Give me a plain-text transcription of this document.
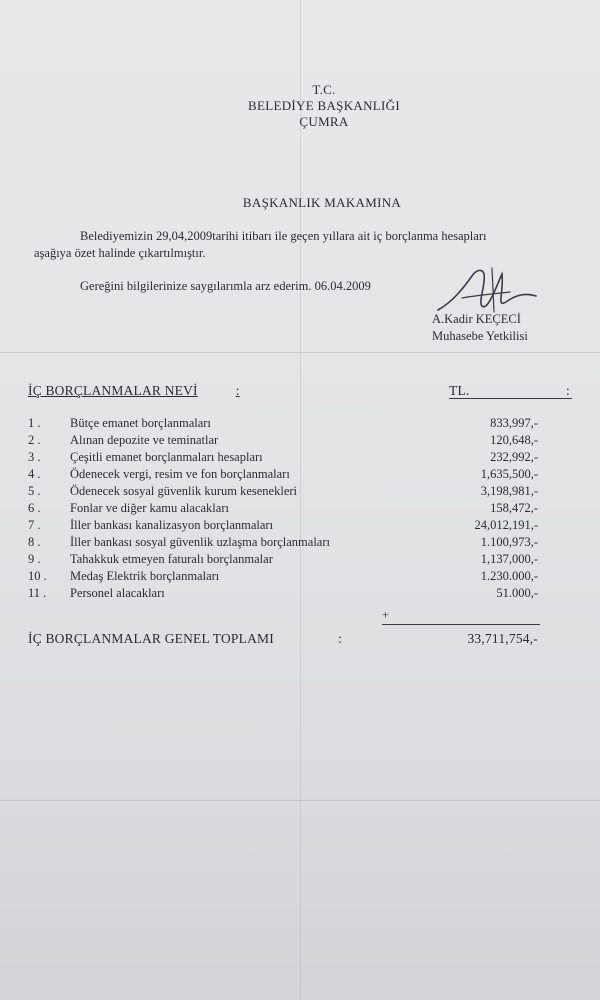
T.C.
BELEDİYE BAŞKANLIĞI
ÇUMRA
BAŞKANLIK MAKAMINA
Belediyemizin 29,04,2009tarihi itibarı ile geçen yıllara ait iç borçlanma hesapları
aşağıya özet halinde çıkartılmıştır.
Gereğini bilgilerinize saygılarımla arz ederim. 06.04.2009
A.Kadir KEÇECİ
Muhasebe Yetkilisi
İÇ BORÇLANMALAR NEVİ	:	TL.	:
1 .	Bütçe emanet borçlanmaları	833,997,-
2 .	Alınan depozite ve teminatlar	120,648,-
3 .	Çeşitli emanet borçlanmaları hesapları	232,992,-
4 .	Ödenecek vergi, resim ve fon borçlanmaları	1,635,500,-
5 .	Ödenecek sosyal güvenlik kurum kesenekleri	3,198,981,-
6 .	Fonlar ve diğer kamu alacakları	158,472,-
7 .	İller bankası kanalizasyon borçlanmaları	24,012,191,-
8 .	İller bankası sosyal güvenlik uzlaşma borçlanmaları	1.100,973,-
9 .	Tahakkuk etmeyen faturalı borçlanmalar	1,137,000,-
10 .	Medaş Elektrik borçlanmaları	1.230.000,-
11 .	Personel alacakları	51.000,-
+
İÇ BORÇLANMALAR GENEL TOPLAMI	:	33,711,754,-
